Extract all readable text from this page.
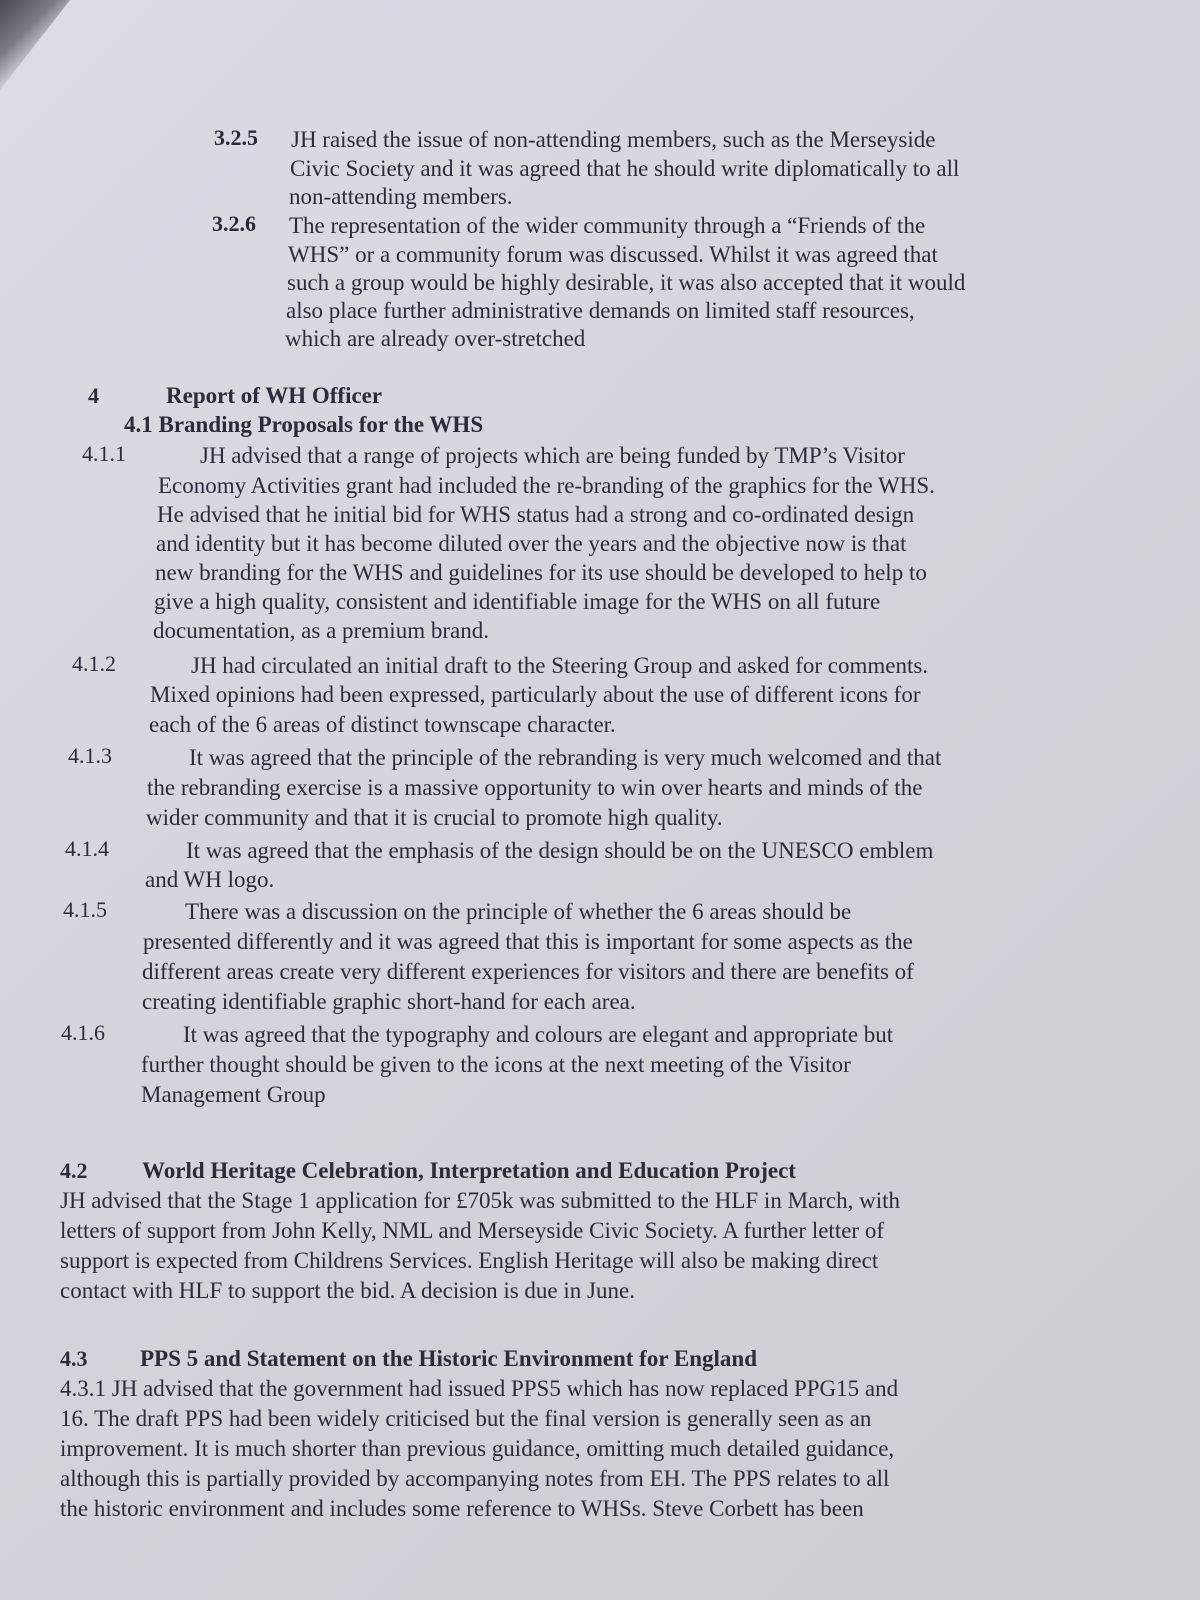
3.2.5 JH raised the issue of non-attending members, such as the Merseyside
Civic Society and it was agreed that he should write diplomatically to all
non-attending members.
3.2.6 The representation of the wider community through a “Friends of the
WHS” or a community forum was discussed. Whilst it was agreed that
such a group would be highly desirable, it was also accepted that it would
also place further administrative demands on limited staff resources,
which are already over-stretched
4	Report of WH Officer
4.1 Branding Proposals for the WHS
4.1.1	JH advised that a range of projects which are being funded by TMP’s Visitor
Economy Activities grant had included the re-branding of the graphics for the WHS.
He advised that he initial bid for WHS status had a strong and co-ordinated design
and identity but it has become diluted over the years and the objective now is that
new branding for the WHS and guidelines for its use should be developed to help to
give a high quality, consistent and identifiable image for the WHS on all future
documentation, as a premium brand.
4.1.2	JH had circulated an initial draft to the Steering Group and asked for comments.
Mixed opinions had been expressed, particularly about the use of different icons for
each of the 6 areas of distinct townscape character.
4.1.3	It was agreed that the principle of the rebranding is very much welcomed and that
the rebranding exercise is a massive opportunity to win over hearts and minds of the
wider community and that it is crucial to promote high quality.
4.1.4	It was agreed that the emphasis of the design should be on the UNESCO emblem
and WH logo.
4.1.5	There was a discussion on the principle of whether the 6 areas should be
presented differently and it was agreed that this is important for some aspects as the
different areas create very different experiences for visitors and there are benefits of
creating identifiable graphic short-hand for each area.
4.1.6	It was agreed that the typography and colours are elegant and appropriate but
further thought should be given to the icons at the next meeting of the Visitor
Management Group
4.2 World Heritage Celebration, Interpretation and Education Project
JH advised that the Stage 1 application for £705k was submitted to the HLF in March, with
letters of support from John Kelly, NML and Merseyside Civic Society. A further letter of
support is expected from Childrens Services. English Heritage will also be making direct
contact with HLF to support the bid. A decision is due in June.
4.3 PPS 5 and Statement on the Historic Environment for England
4.3.1 JH advised that the government had issued PPS5 which has now replaced PPG15 and
16. The draft PPS had been widely criticised but the final version is generally seen as an
improvement. It is much shorter than previous guidance, omitting much detailed guidance,
although this is partially provided by accompanying notes from EH. The PPS relates to all
the historic environment and includes some reference to WHSs. Steve Corbett has been
